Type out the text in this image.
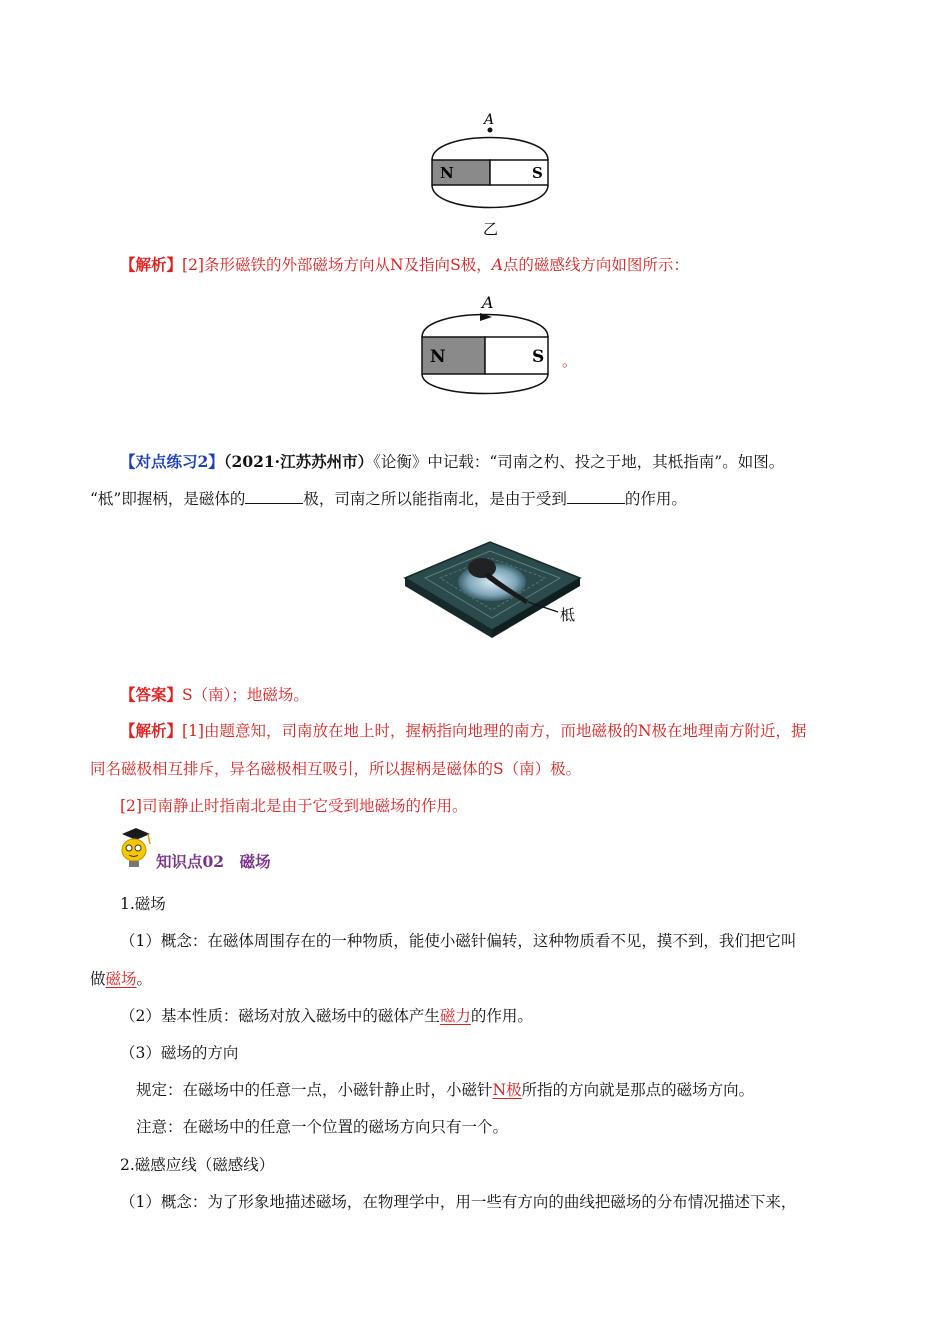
A
N	S
乙
【解析】[2]条形磁铁的外部磁场方向从N及指向S极，A点的磁感线方向如图所示：
A
N	S 。
【对点练习2】（2021·江苏苏州市）《论衡》中记载：“司南之杓、投之于地，其柢指南”。如图。
“柢”即握柄，是磁体的	极，司南之所以能指南北，是由于受到	的作用。
柢
【答案】S（南）；地磁场。
【解析】[1]由题意知，司南放在地上时，握柄指向地理的南方，而地磁极的N极在地理南方附近，据
同名磁极相互排斥，异名磁极相互吸引，所以握柄是磁体的S（南）极。
[2]司南静止时指南北是由于它受到地磁场的作用。
知识点02　磁场
1.磁场
（1）概念：在磁体周围存在的一种物质，能使小磁针偏转，这种物质看不见，摸不到，我们把它叫
做磁场。
（2）基本性质：磁场对放入磁场中的磁体产生磁力的作用。
（3）磁场的方向
规定：在磁场中的任意一点，小磁针静止时，小磁针N极所指的方向就是那点的磁场方向。
注意：在磁场中的任意一个位置的磁场方向只有一个。
2.磁感应线（磁感线）
（1）概念：为了形象地描述磁场，在物理学中，用一些有方向的曲线把磁场的分布情况描述下来，
